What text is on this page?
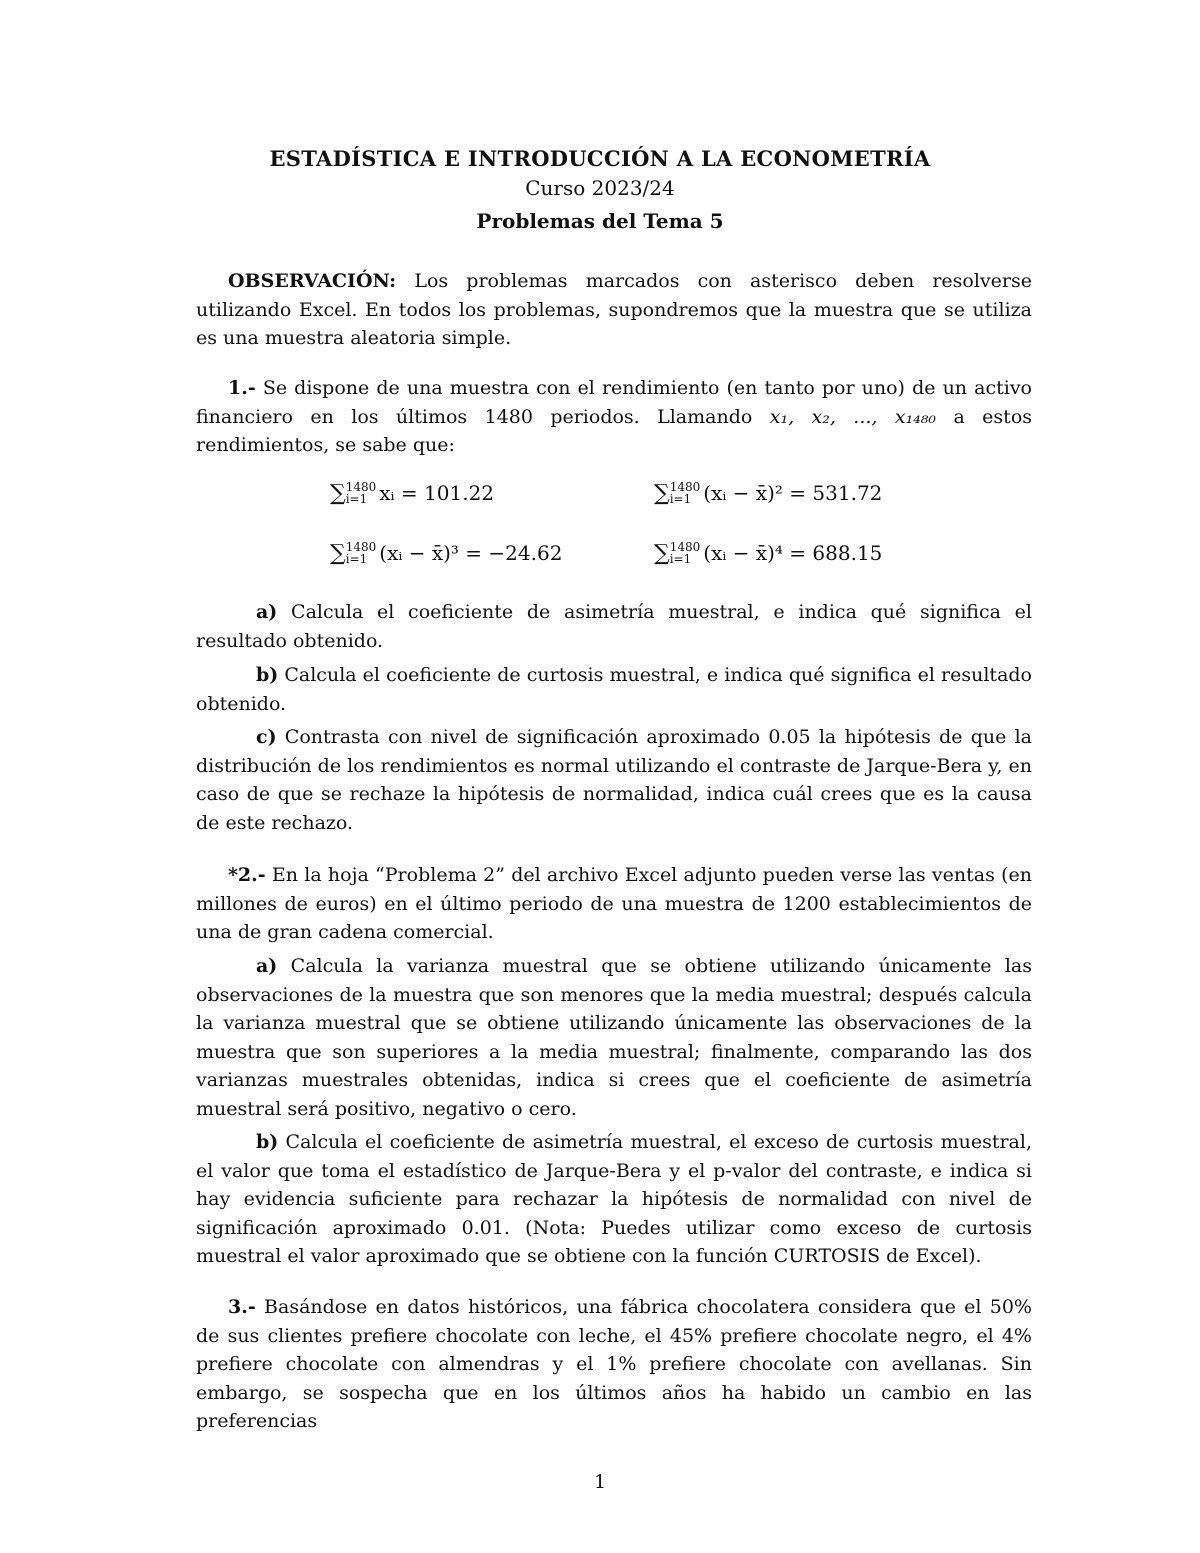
ESTADÍSTICA E INTRODUCCIÓN A LA ECONOMETRÍA
Curso 2023/24
Problemas del Tema 5
OBSERVACIÓN: Los problemas marcados con asterisco deben resolverse utilizando Excel. En todos los problemas, supondremos que la muestra que se utiliza es una muestra aleatoria simple.
1.- Se dispone de una muestra con el rendimiento (en tanto por uno) de un activo financiero en los últimos 1480 periodos. Llamando x₁, x₂, ..., x₁₄₈₀ a estos rendimientos, se sabe que:
∑ 1480
i=1 xᵢ = 101.22	∑ 1480
i=1 (xᵢ − x̄)² = 531.72
∑ 1480
i=1 (xᵢ − x̄)³ = −24.62	∑ 1480
i=1 (xᵢ − x̄)⁴ = 688.15
a) Calcula el coeficiente de asimetría muestral, e indica qué significa el resultado obtenido.
b) Calcula el coeficiente de curtosis muestral, e indica qué significa el resultado obtenido.
c) Contrasta con nivel de significación aproximado 0.05 la hipótesis de que la distribución de los rendimientos es normal utilizando el contraste de Jarque-Bera y, en caso de que se rechaze la hipótesis de normalidad, indica cuál crees que es la causa de este rechazo.
*2.- En la hoja “Problema 2” del archivo Excel adjunto pueden verse las ventas (en millones de euros) en el último periodo de una muestra de 1200 establecimientos de una de gran cadena comercial.
a) Calcula la varianza muestral que se obtiene utilizando únicamente las observaciones de la muestra que son menores que la media muestral; después calcula la varianza muestral que se obtiene utilizando únicamente las observaciones de la muestra que son superiores a la media muestral; finalmente, comparando las dos varianzas muestrales obtenidas, indica si crees que el coeficiente de asimetría muestral será positivo, negativo o cero.
b) Calcula el coeficiente de asimetría muestral, el exceso de curtosis muestral, el valor que toma el estadístico de Jarque-Bera y el p-valor del contraste, e indica si hay evidencia suficiente para rechazar la hipótesis de normalidad con nivel de significación aproximado 0.01. (Nota: Puedes utilizar como exceso de curtosis muestral el valor aproximado que se obtiene con la función CURTOSIS de Excel).
3.- Basándose en datos históricos, una fábrica chocolatera considera que el 50% de sus clientes prefiere chocolate con leche, el 45% prefiere chocolate negro, el 4% prefiere chocolate con almendras y el 1% prefiere chocolate con avellanas. Sin embargo, se sospecha que en los últimos años ha habido un cambio en las preferencias
1
